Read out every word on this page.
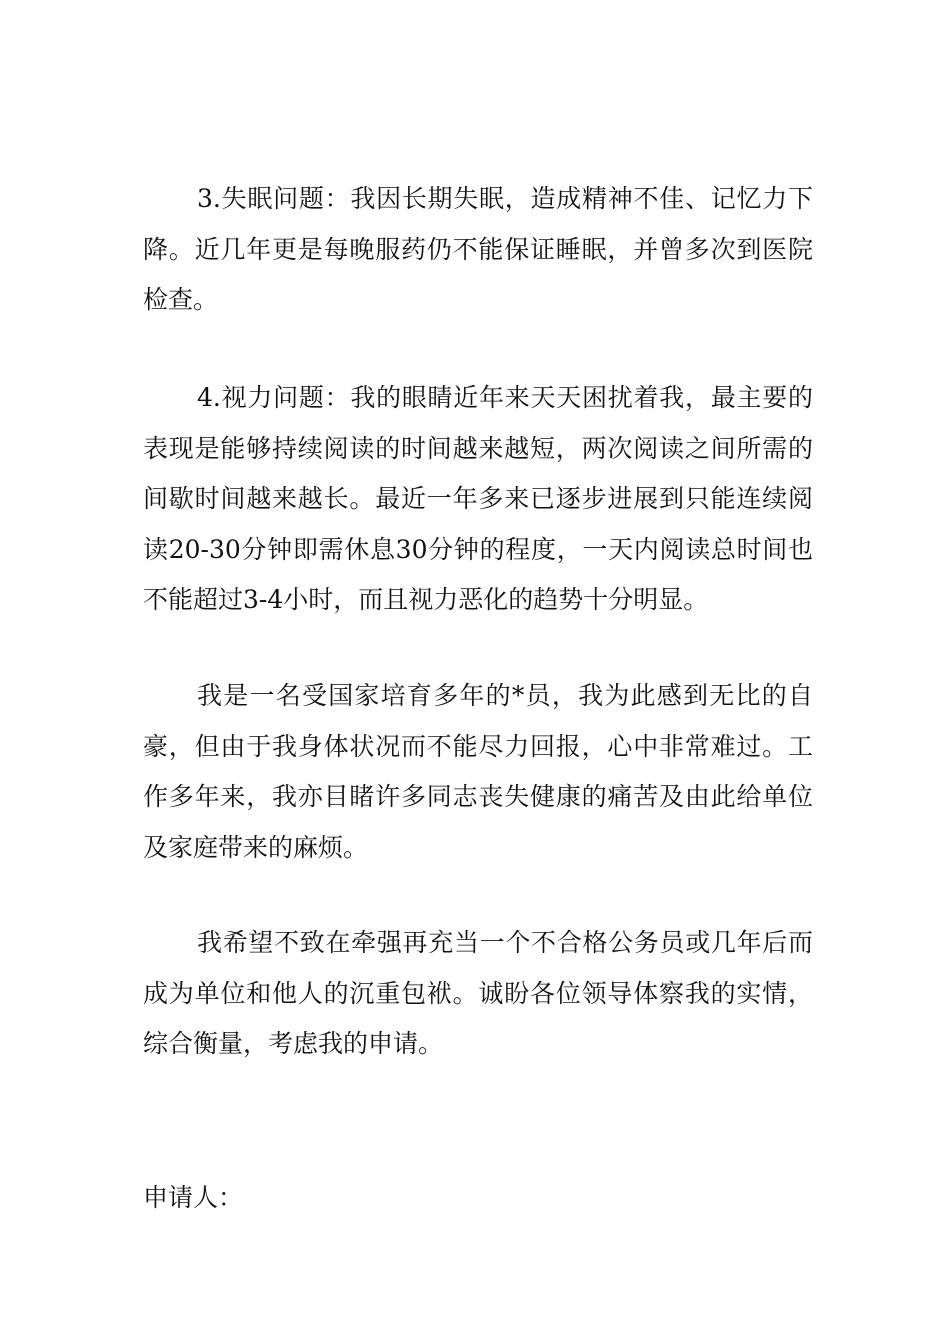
3.失眠问题：我因长期失眠，造成精神不佳、记忆力下降。近几年更是每晚服药仍不能保证睡眠，并曾多次到医院检查。

4.视力问题：我的眼睛近年来天天困扰着我，最主要的表现是能够持续阅读的时间越来越短，两次阅读之间所需的间歇时间越来越长。最近一年多来已逐步进展到只能连续阅读20-30分钟即需休息30分钟的程度，一天内阅读总时间也不能超过3-4小时，而且视力恶化的趋势十分明显。

我是一名受国家培育多年的*员，我为此感到无比的自豪，但由于我身体状况而不能尽力回报，心中非常难过。工作多年来，我亦目睹许多同志丧失健康的痛苦及由此给单位及家庭带来的麻烦。

我希望不致在牵强再充当一个不合格公务员或几年后而成为单位和他人的沉重包袱。诚盼各位领导体察我的实情，综合衡量，考虑我的申请。

申请人：
